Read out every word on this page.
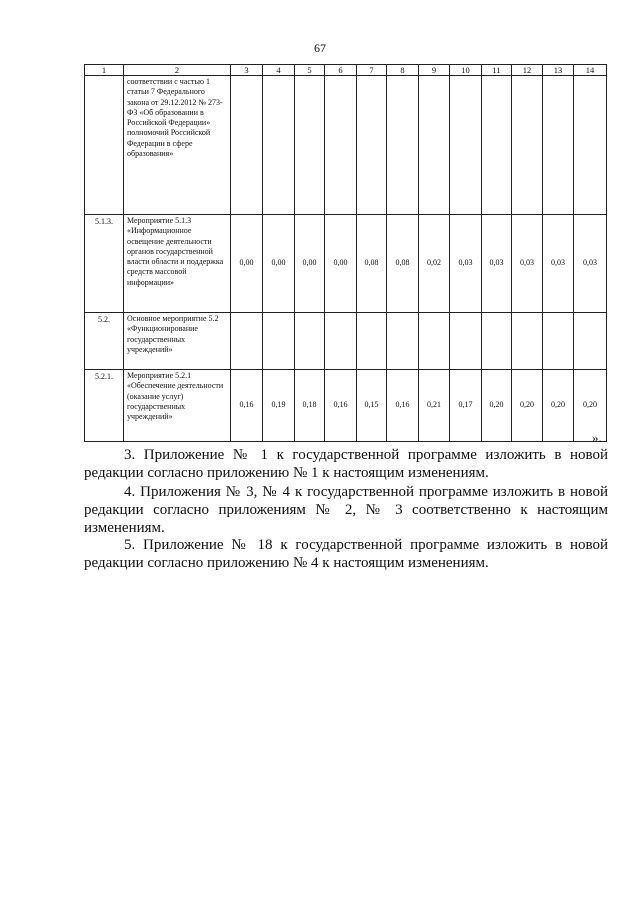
67
1	2	3	4	5	6	7	8	9	10	11	12	13	14
	соответствии с частью 1 статьи 7 Федерального закона от 29.12.2012 № 273-ФЗ «Об образовании в Российской Федерации» полномочий Российской Федерации в сфере образования»												
5.1.3.	Мероприятие 5.1.3 «Информационное освещение деятельности органов государственной власти области и поддержка средств массовой информации»	0,00	0,00	0,00	0,00	0,08	0,08	0,02	0,03	0,03	0,03	0,03	0,03
5.2.	Основное мероприятие 5.2 «Функционирование государственных учреждений»												
5.2.1.	Мероприятие 5.2.1 «Обеспечение деятельности (оказание услуг) государственных учреждений»	0,16	0,19	0,18	0,16	0,15	0,16	0,21	0,17	0,20	0,20	0,20	0,20
».

3. Приложение № 1 к государственной программе изложить в новой редакции согласно приложению № 1 к настоящим изменениям.

4. Приложения № 3, № 4 к государственной программе изложить в новой редакции согласно приложениям № 2, № 3 соответственно к настоящим изменениям.

5. Приложение № 18 к государственной программе изложить в новой редакции согласно приложению № 4 к настоящим изменениям.
